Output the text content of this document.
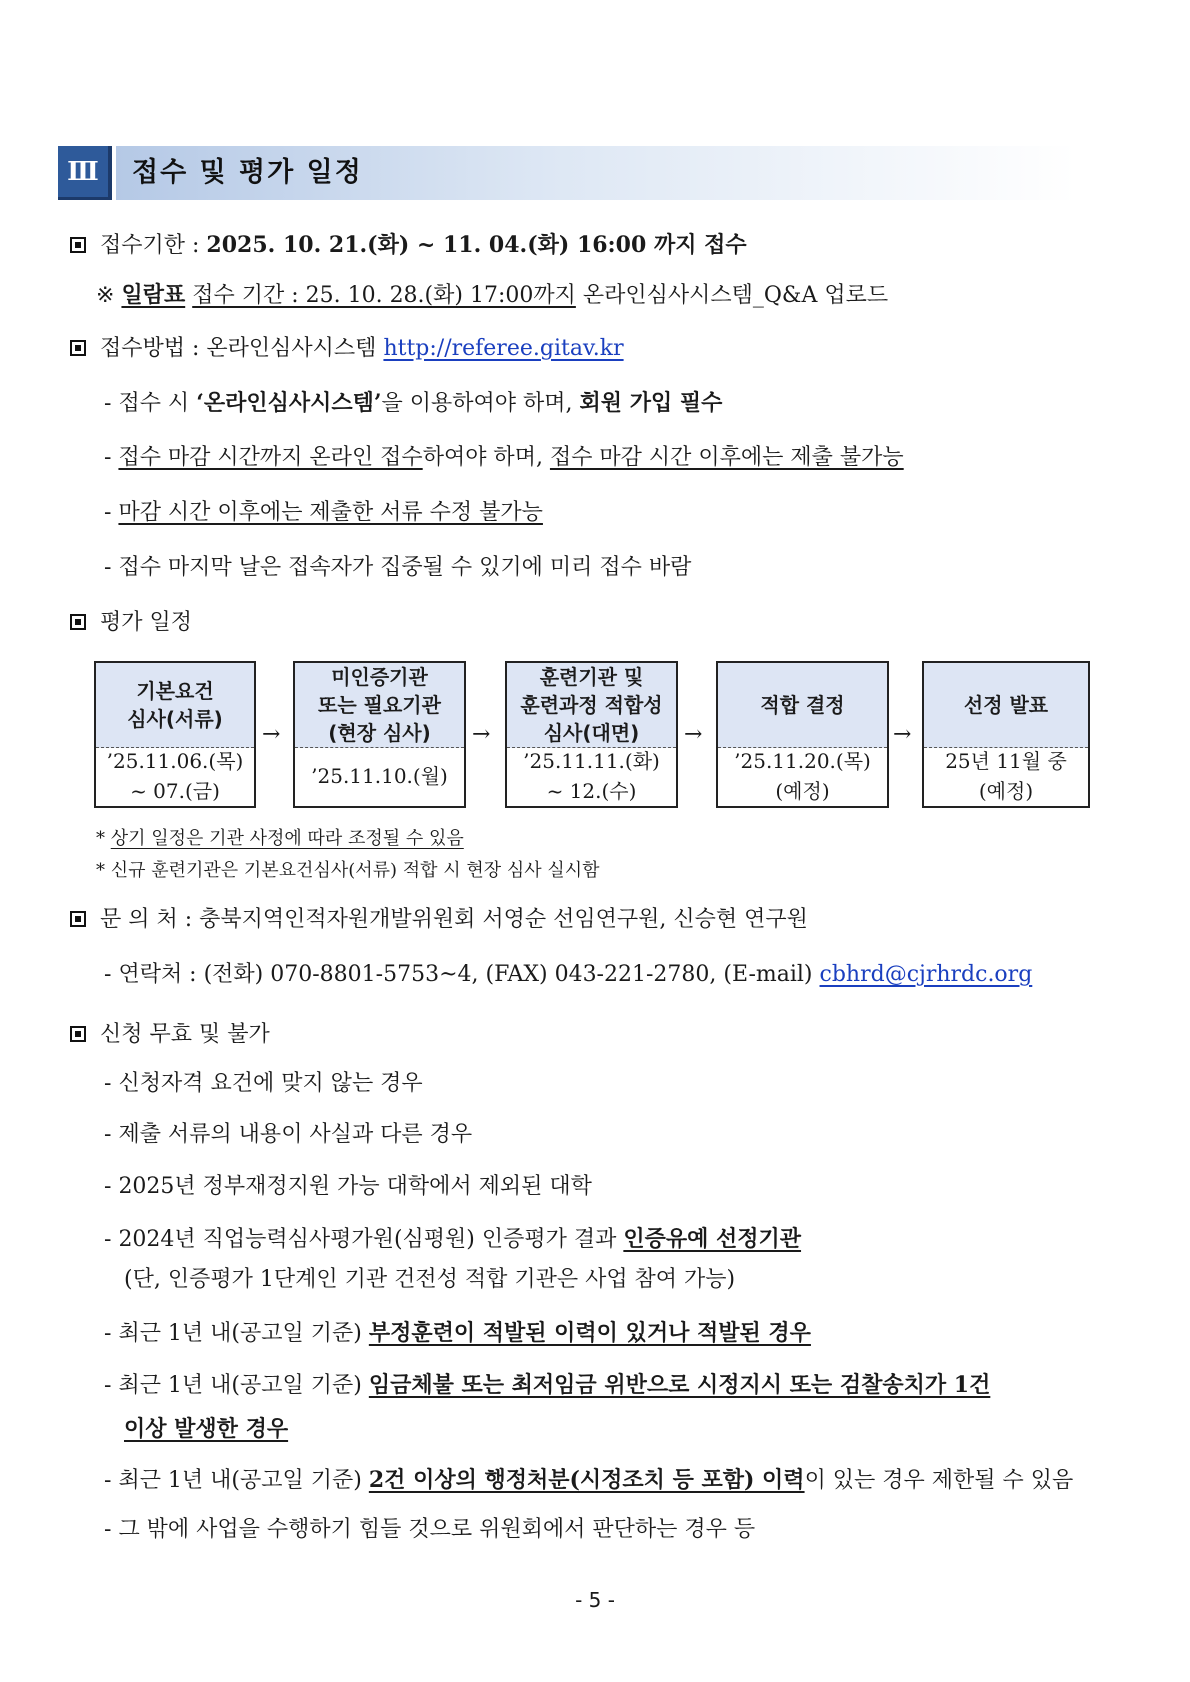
Ⅲ	접수 및 평가 일정
접수기한 : 2025. 10. 21.(화) ~ 11. 04.(화) 16:00 까지 접수
※ 일람표 접수 기간 : 25. 10. 28.(화) 17:00까지 온라인심사시스템_Q&A 업로드
접수방법 : 온라인심사시스템 http://referee.gitav.kr
- 접수 시 ‘온라인심사시스템’을 이용하여야 하며, 회원 가입 필수
- 접수 마감 시간까지 온라인 접수하여야 하며, 접수 마감 시간 이후에는 제출 불가능
- 마감 시간 이후에는 제출한 서류 수정 불가능
- 접수 마지막 날은 접속자가 집중될 수 있기에 미리 접수 바람
평가 일정
기본요건
심사(서류)
’25.11.06.(목)
~ 07.(금)
→
미인증기관
또는 필요기관
(현장 심사)
’25.11.10.(월)
→
훈련기관 및
훈련과정 적합성
심사(대면)
’25.11.11.(화)
~ 12.(수)
→
적합 결정
’25.11.20.(목)
(예정)
→
선정 발표
25년 11월 중
(예정)
* 상기 일정은 기관 사정에 따라 조정될 수 있음
* 신규 훈련기관은 기본요건심사(서류) 적합 시 현장 심사 실시함
문 의 처 : 충북지역인적자원개발위원회 서영순 선임연구원, 신승현 연구원
- 연락처 : (전화) 070-8801-5753~4, (FAX) 043-221-2780, (E-mail) cbhrd@cjrhrdc.org
신청 무효 및 불가
- 신청자격 요건에 맞지 않는 경우
- 제출 서류의 내용이 사실과 다른 경우
- 2025년 정부재정지원 가능 대학에서 제외된 대학
- 2024년 직업능력심사평가원(심평원) 인증평가 결과 인증유예 선정기관
(단, 인증평가 1단계인 기관 건전성 적합 기관은 사업 참여 가능)
- 최근 1년 내(공고일 기준) 부정훈련이 적발된 이력이 있거나 적발된 경우
- 최근 1년 내(공고일 기준) 임금체불 또는 최저임금 위반으로 시정지시 또는 검찰송치가 1건
이상 발생한 경우
- 최근 1년 내(공고일 기준) 2건 이상의 행정처분(시정조치 등 포함) 이력이 있는 경우 제한될 수 있음
- 그 밖에 사업을 수행하기 힘들 것으로 위원회에서 판단하는 경우 등
- 5 -
